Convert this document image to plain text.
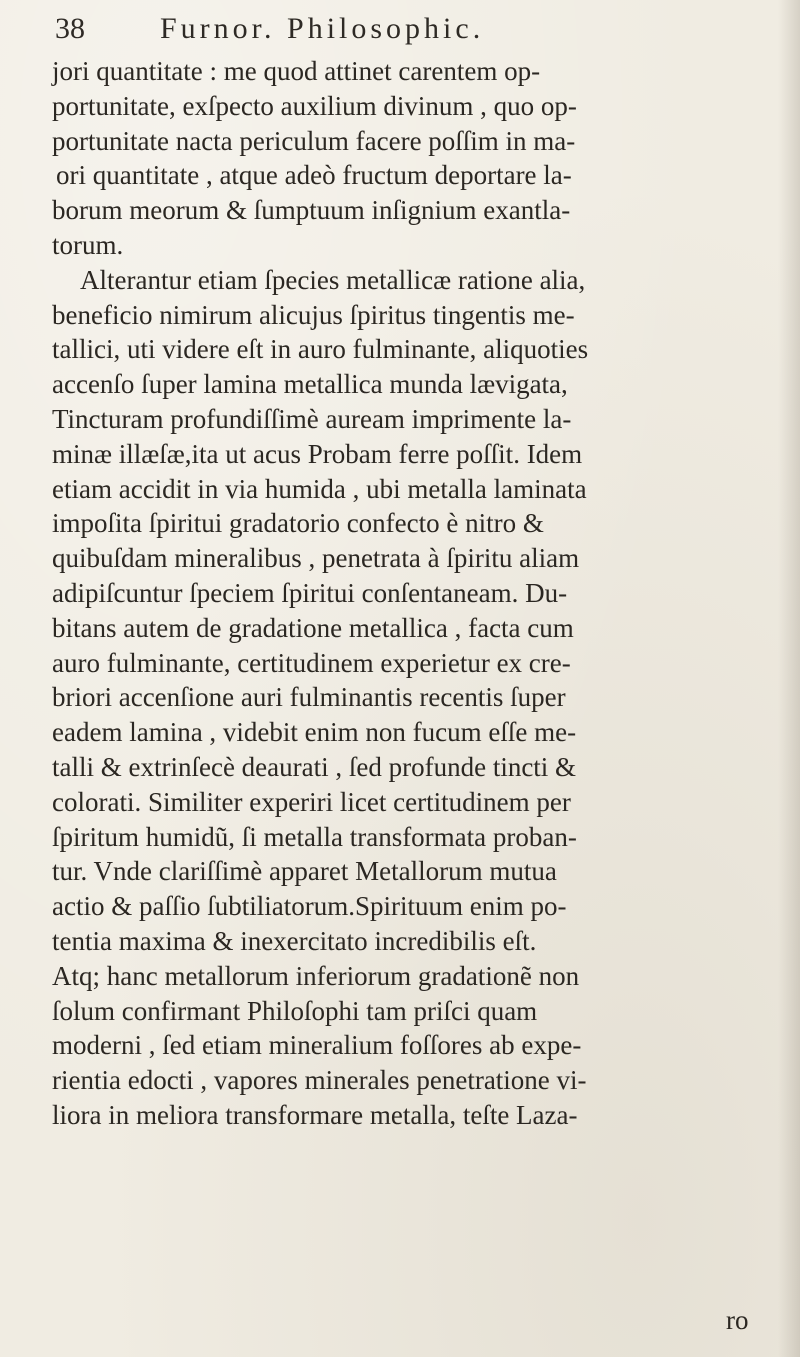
38	Furnor. Philosophic.
jori quantitate : me quod attinet carentem op-
portunitate, exſpecto auxilium divinum , quo op-
portunitate nacta periculum facere poſſim in ma-
ori quantitate , atque adeò fructum deportare la-
borum meorum & ſumptuum inſignium exantla-
torum.
Alterantur etiam ſpecies metallicæ ratione alia,
beneficio nimirum alicujus ſpiritus tingentis me-
tallici, uti videre eſt in auro fulminante, aliquoties
accenſo ſuper lamina metallica munda lævigata,
Tincturam profundiſſimè auream imprimente la-
minæ illæſæ,ita ut acus Probam ferre poſſit. Idem
etiam accidit in via humida , ubi metalla laminata
impoſita ſpiritui gradatorio confecto è nitro &
quibuſdam mineralibus , penetrata à ſpiritu aliam
adipiſcuntur ſpeciem ſpiritui conſentaneam. Du-
bitans autem de gradatione metallica , facta cum
auro fulminante, certitudinem experietur ex cre-
briori accenſione auri fulminantis recentis ſuper
eadem lamina , videbit enim non fucum eſſe me-
talli & extrinſecè deaurati , ſed profunde tincti &
colorati. Similiter experiri licet certitudinem per
ſpiritum humidũ, ſi metalla transformata proban-
tur. Vnde clariſſimè apparet Metallorum mutua
actio & paſſio ſubtiliatorum.Spirituum enim po-
tentia maxima & inexercitato incredibilis eſt.
Atq; hanc metallorum inferiorum gradationẽ non
ſolum confirmant Philoſophi tam priſci quam
moderni , ſed etiam mineralium foſſores ab expe-
rientia edocti , vapores minerales penetratione vi-
liora in meliora transformare metalla, teſte Laza-
ro
